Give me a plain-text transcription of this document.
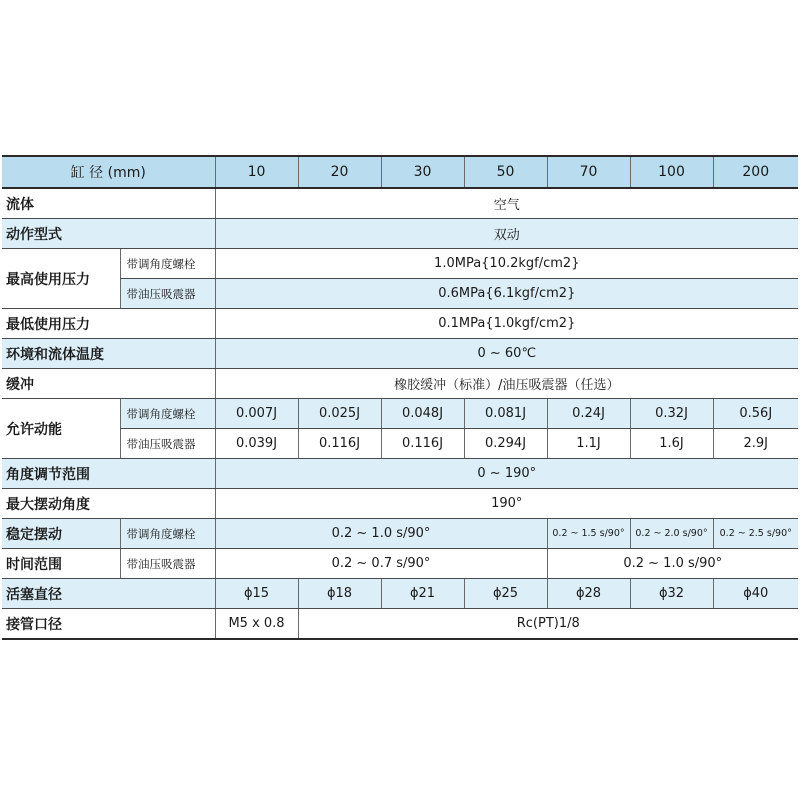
缸 径 (mm)		10	20	30	50	70	100	200
流体		空气						
动作型式		双动						
最高使用压力	带调角度螺栓	1.0MPa{10.2kgf/cm2}						
	带油压吸震器	0.6MPa{6.1kgf/cm2}						
最低使用压力		0.1MPa{1.0kgf/cm2}						
环境和流体温度		0 ~ 60℃						
缓冲		橡胶缓冲（标准）/油压吸震器（任选）						
允许动能	带调角度螺栓	0.007J	0.025J	0.048J	0.081J	0.24J	0.32J	0.56J
	带油压吸震器	0.039J	0.116J	0.116J	0.294J	1.1J	1.6J	2.9J
角度调节范围		0 ~ 190°						
最大摆动角度		190°						
稳定摆动	带调角度螺栓	0.2 ~ 1.0 s/90°				0.2 ~ 1.5 s/90°	0.2 ~ 2.0 s/90°	0.2 ~ 2.5 s/90°
时间范围	带油压吸震器	0.2 ~ 0.7 s/90°				0.2 ~ 1.0 s/90°		
活塞直径		ϕ15	ϕ18	ϕ21	ϕ25	ϕ28	ϕ32	ϕ40
接管口径		M5 x 0.8	Rc(PT)1/8					
